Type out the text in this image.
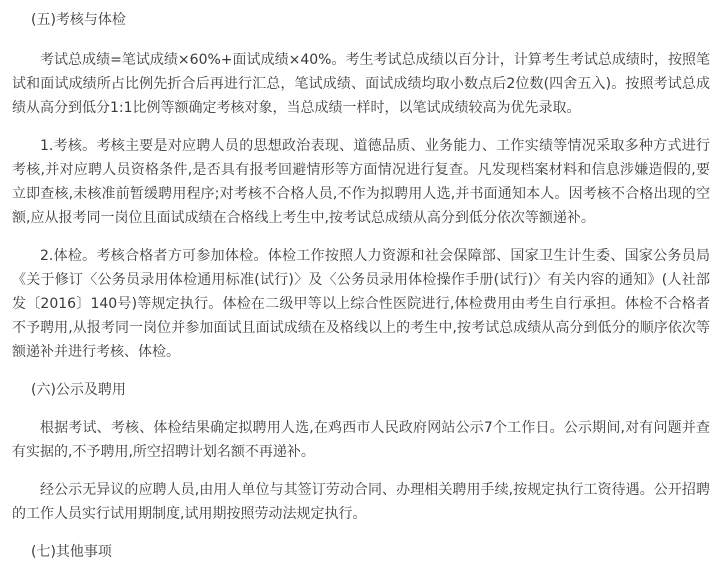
(五)考核与体检

考试总成绩=笔试成绩×60%+面试成绩×40%。考生考试总成绩以百分计，计算考生考试总成绩时，按照笔试和面试成绩所占比例先折合后再进行汇总，笔试成绩、面试成绩均取小数点后2位数(四舍五入)。按照考试总成绩从高分到低分1:1比例等额确定考核对象，当总成绩一样时，以笔试成绩较高为优先录取。

1.考核。考核主要是对应聘人员的思想政治表现、道德品质、业务能力、工作实绩等情况采取多种方式进行考核,并对应聘人员资格条件,是否具有报考回避情形等方面情况进行复查。凡发现档案材料和信息涉嫌造假的,要立即查核,未核准前暂缓聘用程序;对考核不合格人员,不作为拟聘用人选,并书面通知本人。因考核不合格出现的空额,应从报考同一岗位且面试成绩在合格线上考生中,按考试总成绩从高分到低分依次等额递补。

2.体检。考核合格者方可参加体检。体检工作按照人力资源和社会保障部、国家卫生计生委、国家公务员局《关于修订〈公务员录用体检通用标准(试行)〉及〈公务员录用体检操作手册(试行)〉有关内容的通知》(人社部发〔2016〕140号)等规定执行。体检在二级甲等以上综合性医院进行,体检费用由考生自行承担。体检不合格者不予聘用,从报考同一岗位并参加面试且面试成绩在及格线以上的考生中,按考试总成绩从高分到低分的顺序依次等额递补并进行考核、体检。

(六)公示及聘用

根据考试、考核、体检结果确定拟聘用人选,在鸡西市人民政府网站公示7个工作日。公示期间,对有问题并查有实据的,不予聘用,所空招聘计划名额不再递补。

经公示无异议的应聘人员,由用人单位与其签订劳动合同、办理相关聘用手续,按规定执行工资待遇。公开招聘的工作人员实行试用期制度,试用期按照劳动法规定执行。

(七)其他事项
